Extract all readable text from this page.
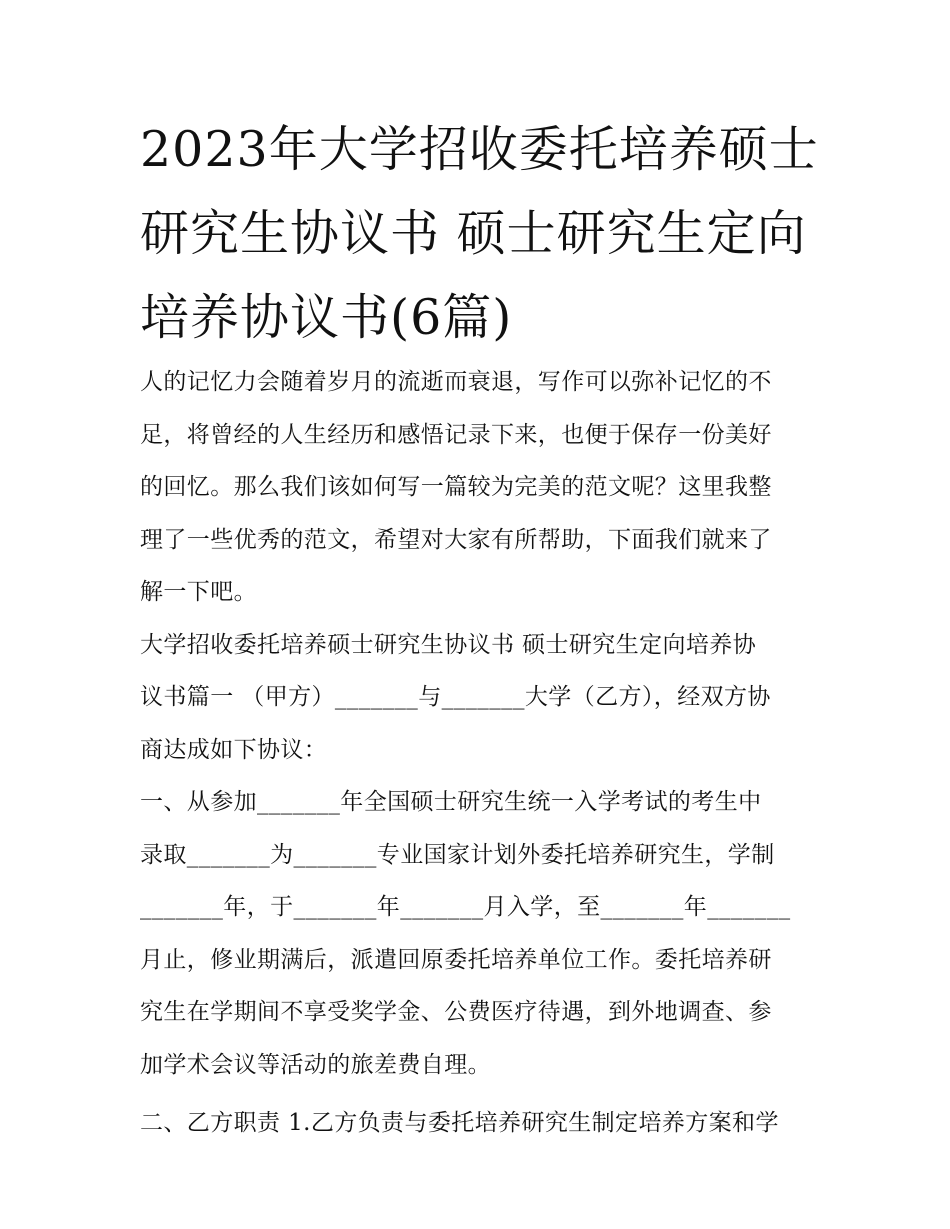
2023年大学招收委托培养硕士
研究生协议书 硕士研究生定向
培养协议书(6篇)
人的记忆力会随着岁月的流逝而衰退，写作可以弥补记忆的不
足，将曾经的人生经历和感悟记录下来，也便于保存一份美好
的回忆。那么我们该如何写一篇较为完美的范文呢？这里我整
理了一些优秀的范文，希望对大家有所帮助，下面我们就来了
解一下吧。
大学招收委托培养硕士研究生协议书 硕士研究生定向培养协
议书篇一 （甲方）_______与_______大学（乙方），经双方协
商达成如下协议：
一、从参加_______年全国硕士研究生统一入学考试的考生中
录取_______为_______专业国家计划外委托培养研究生，学制
_______年，于_______年_______月入学，至_______年_______
月止，修业期满后，派遣回原委托培养单位工作。委托培养研
究生在学期间不享受奖学金、公费医疗待遇，到外地调查、参
加学术会议等活动的旅差费自理。
二、乙方职责 1.乙方负责与委托培养研究生制定培养方案和学
